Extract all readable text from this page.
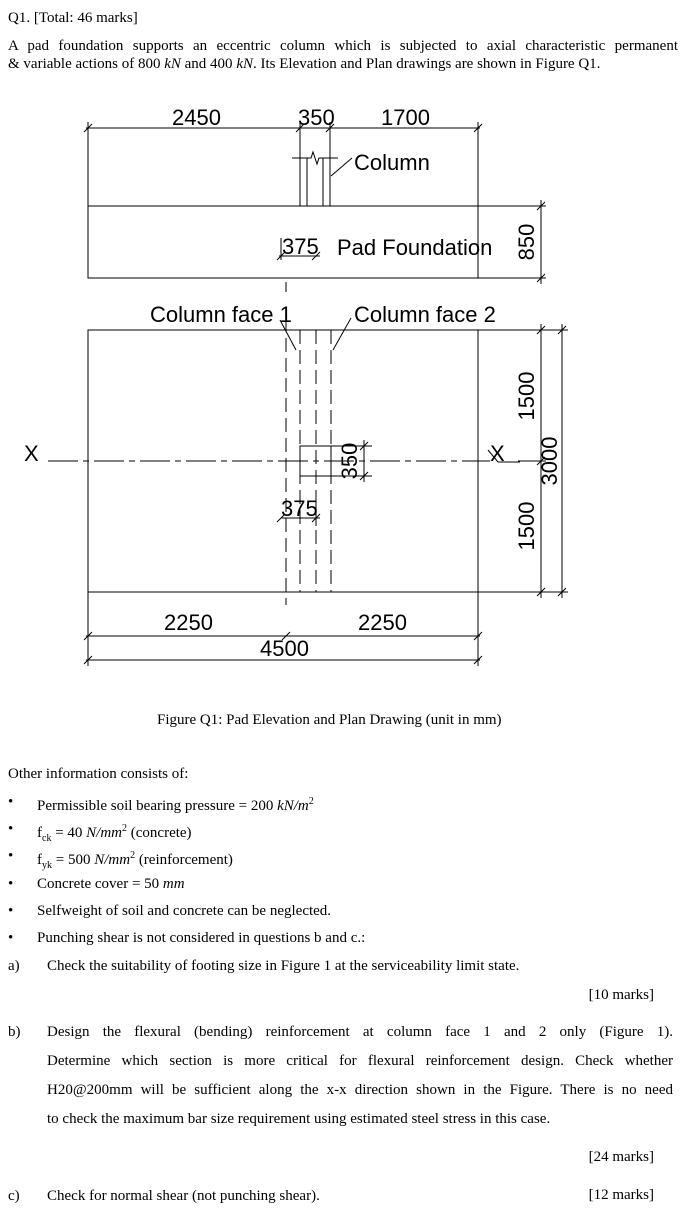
Q1. [Total: 46 marks]
A pad foundation supports an eccentric column which is subjected to axial characteristic permanent
& variable actions of 800 kN and 400 kN. Its Elevation and Plan drawings are shown in Figure Q1.
2450	350 1700
Column
375 Pad Foundation 850
Column face 1	Column face 2
X	X
350
375
1500
1500
3000
2250	2250
4500
Figure Q1: Pad Elevation and Plan Drawing (unit in mm)
Other information consists of:
• Permissible soil bearing pressure = 200 $kN/m^2$
• $f_{ck} = 40$ $N/mm^2$ (concrete)
• $f_{yk} = 500$ $N/mm^2$ (reinforcement)
• Concrete cover = 50 mm
• Selfweight of soil and concrete can be neglected.
• Punching shear is not considered in questions b and c.:
a) Check the suitability of footing size in Figure 1 at the serviceability limit state.
[10 marks]
b) Design the flexural (bending) reinforcement at column face 1 and 2 only (Figure 1).
Determine which section is more critical for flexural reinforcement design. Check whether
H20@200mm will be sufficient along the x-x direction shown in the Figure. There is no need
to check the maximum bar size requirement using estimated steel stress in this case.
[24 marks]
c) Check for normal shear (not punching shear).	[12 marks]
